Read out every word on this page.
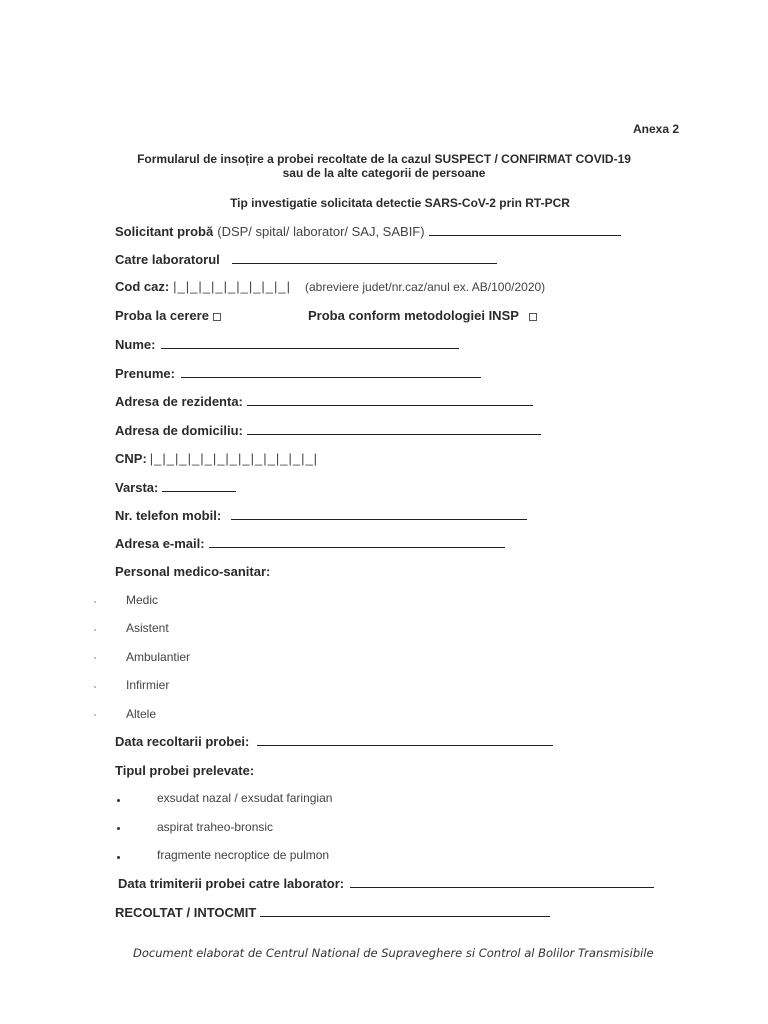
Anexa 2
Formularul de insoțire a probei recoltate de la cazul SUSPECT / CONFIRMAT COVID-19
sau de la alte categorii de persoane
Tip investigatie solicitata detectie SARS-CoV-2 prin RT-PCR
Solicitant probă (DSP/ spital/ laborator/ SAJ, SABIF)
Catre laboratorul
Cod caz: |_|_|_|_|_|_|_|_|_| (abreviere judet/nr.caz/anul ex. AB/100/2020)
Proba la cerere	Proba conform metodologiei INSP
Nume:
Prenume:
Adresa de rezidenta:
Adresa de domiciliu:
CNP: |_|_|_|_|_|_|_|_|_|_|_|_|_|
Varsta:
Nr. telefon mobil:
Adresa e-mail:
Personal medico-sanitar:
Medic
Asistent
Ambulantier
Infirmier
Altele
Data recoltarii probei:
Tipul probei prelevate:
exsudat nazal / exsudat faringian
aspirat traheo-bronsic
fragmente necroptice de pulmon
Data trimiterii probei catre laborator:
RECOLTAT / INTOCMIT
Document elaborat de Centrul National de Supraveghere si Control al Bolilor Transmisibile
